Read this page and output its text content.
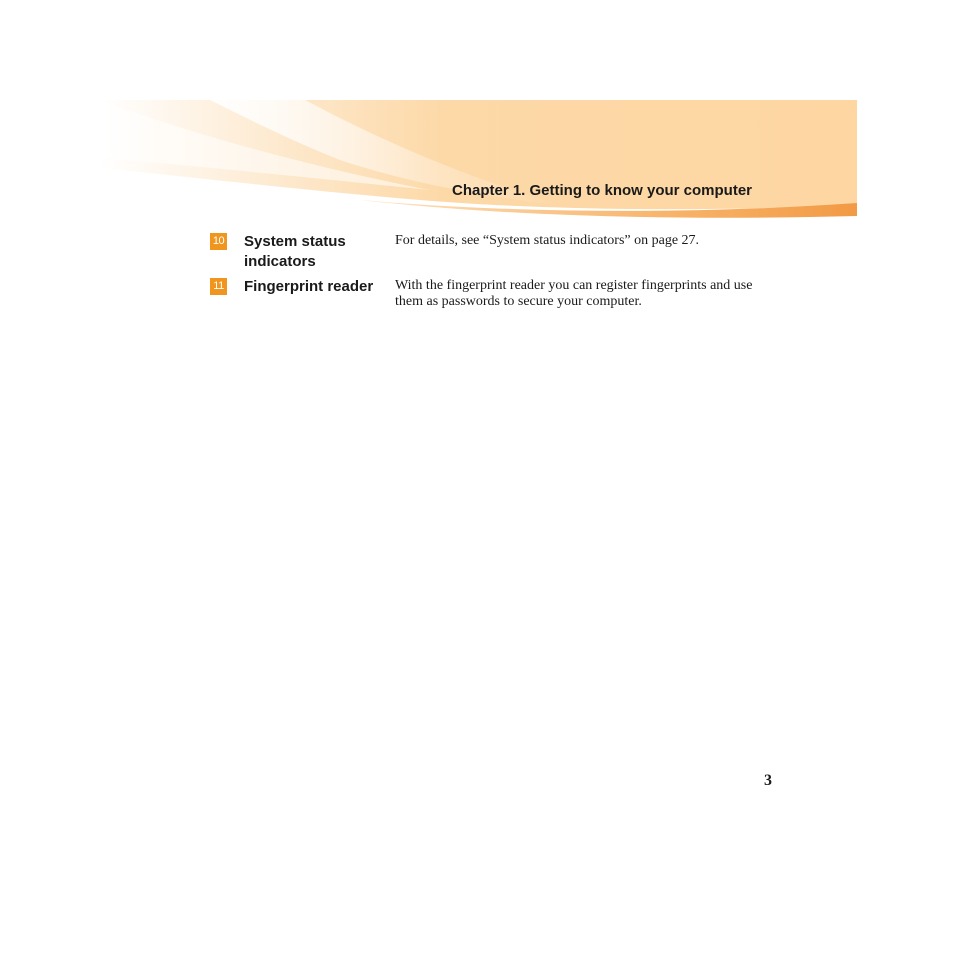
Chapter 1. Getting to know your computer
10 System status indicators
For details, see “System status indicators” on page 27.
11 Fingerprint reader	With the fingerprint reader you can register fingerprints and use them as passwords to secure your computer.
3
